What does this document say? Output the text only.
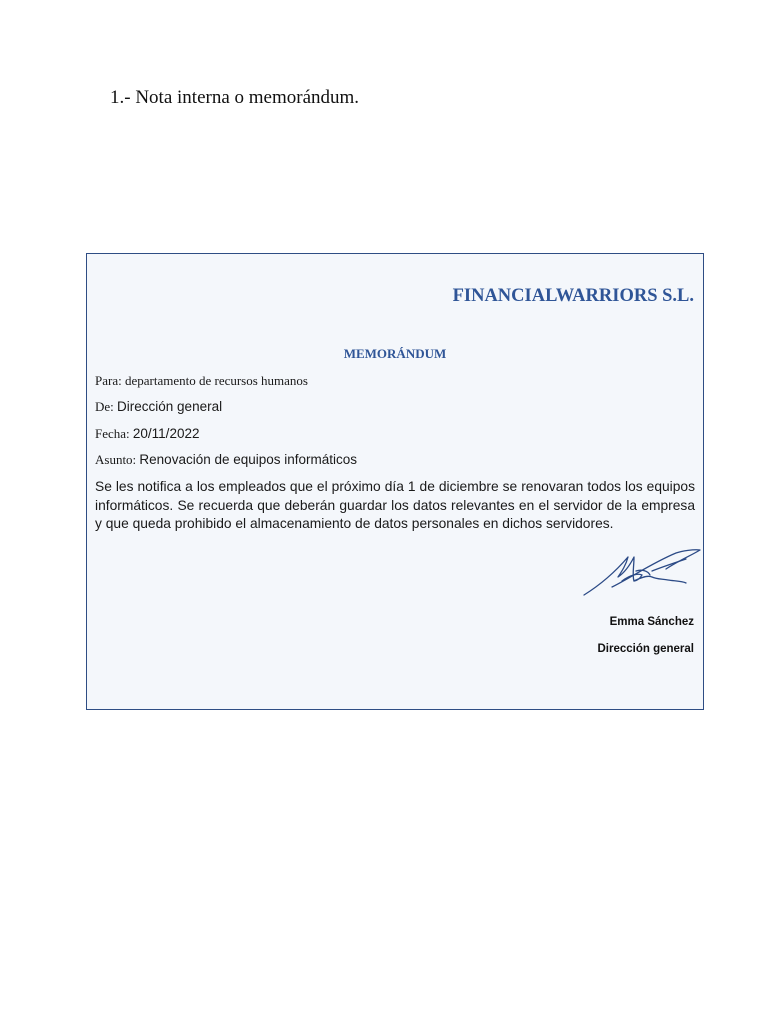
1.- Nota interna o memorándum.

FINANCIALWARRIORS S.L.

MEMORÁNDUM

Para: departamento de recursos humanos

De: Dirección general

Fecha: 20/11/2022

Asunto: Renovación de equipos informáticos

Se les notifica a los empleados que el próximo día 1 de diciembre se renovaran todos los equipos informáticos. Se recuerda que deberán guardar los datos relevantes en el servidor de la empresa y que queda prohibido el almacenamiento de datos personales en dichos servidores.

Emma Sánchez

Dirección general
